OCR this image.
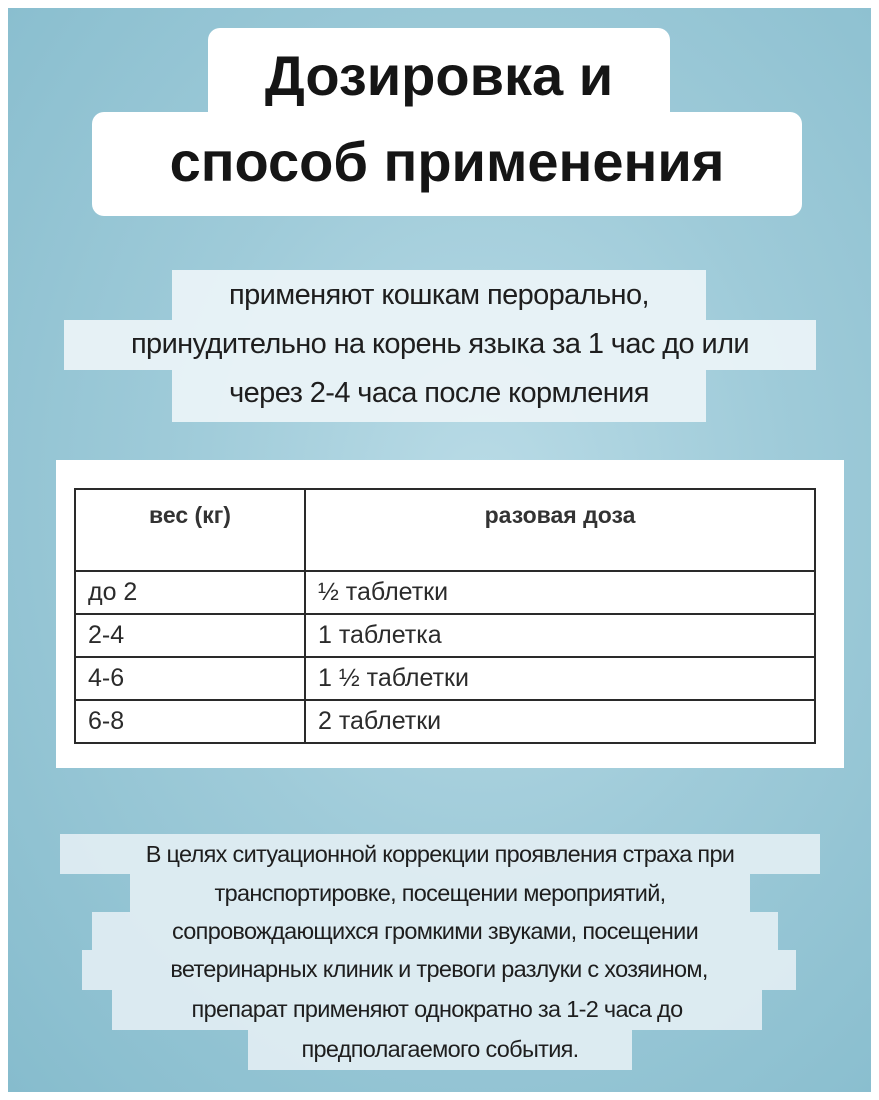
Дозировка и
способ применения
применяют кошкам перорально,
принудительно на корень языка за 1 час до или
через 2-4 часа после кормления
вес (кг)	разовая доза
до 2	½ таблетки
2-4	1 таблетка
4-6	1 ½ таблетки
6-8	2 таблетки
В целях ситуационной коррекции проявления страха при
транспортировке, посещении мероприятий,
сопровождающихся громкими звуками, посещении
ветеринарных клиник и тревоги разлуки с хозяином,
препарат применяют однократно за 1-2 часа до
предполагаемого события.
